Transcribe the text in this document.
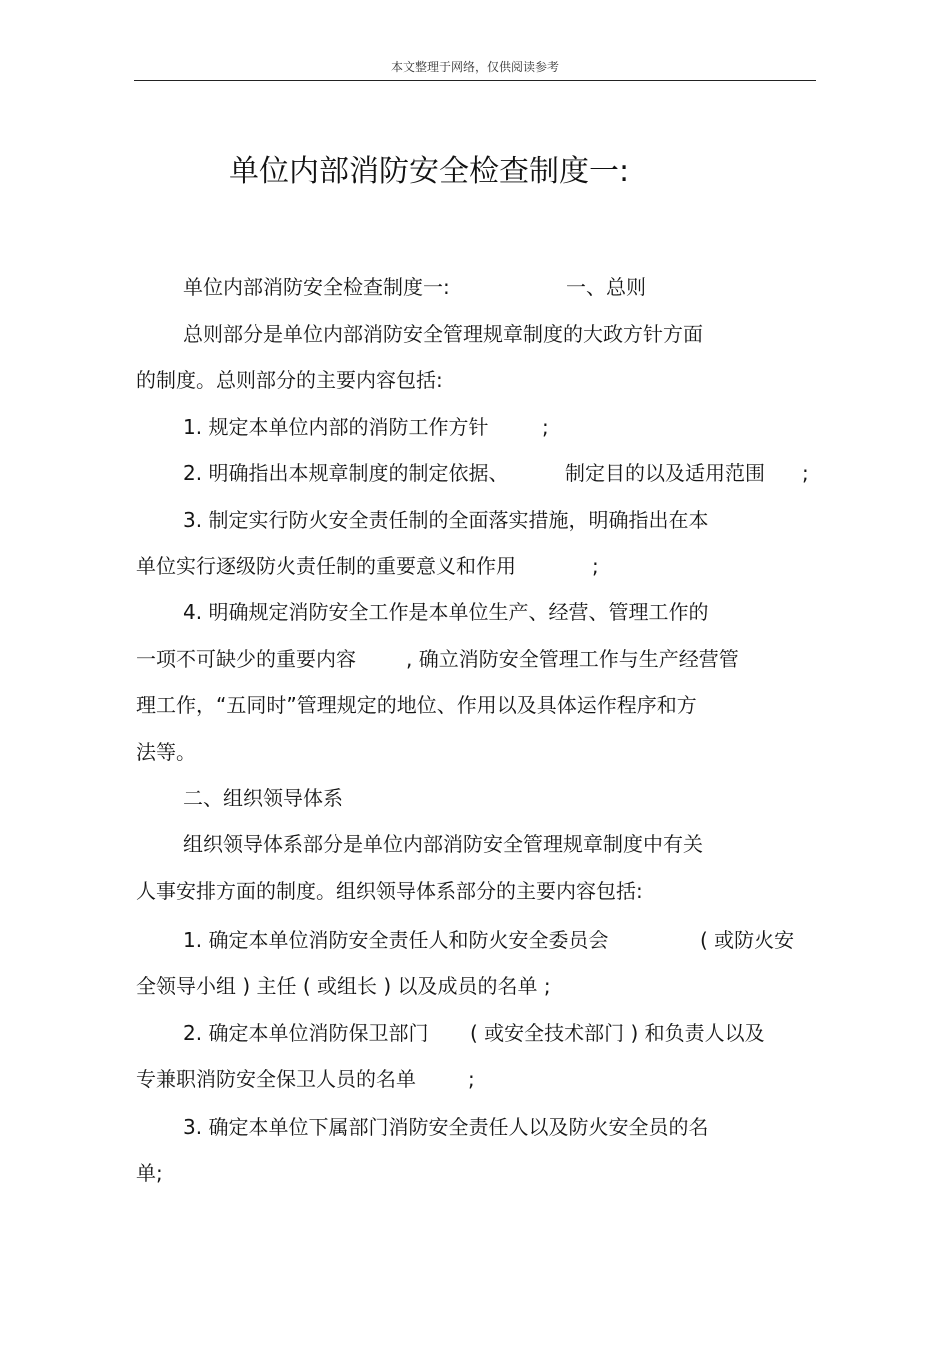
本文整理于网络，仅供阅读参考
单位内部消防安全检查制度一:
单位内部消防安全检查制度一:	一、总则
总则部分是单位内部消防安全管理规章制度的大政方针方面
的制度。总则部分的主要内容包括:
1. 规定本单位内部的消防工作方针	;
2. 明确指出本规章制度的制定依据、	制定目的以及适用范围 ;
3. 制定实行防火安全责任制的全面落实措施，明确指出在本
单位实行逐级防火责任制的重要意义和作用	;
4. 明确规定消防安全工作是本单位生产、经营、管理工作的
一项不可缺少的重要内容	, 确立消防安全管理工作与生产经营管
理工作，“五同时”管理规定的地位、作用以及具体运作程序和方
法等。
二、组织领导体系
组织领导体系部分是单位内部消防安全管理规章制度中有关
人事安排方面的制度。组织领导体系部分的主要内容包括:
1. 确定本单位消防安全责任人和防火安全委员会	( 或防火安
全领导小组 ) 主任 ( 或组长 ) 以及成员的名单 ;
2. 确定本单位消防保卫部门 ( 或安全技术部门 ) 和负责人以及
专兼职消防安全保卫人员的名单	;
3. 确定本单位下属部门消防安全责任人以及防火安全员的名
单;
